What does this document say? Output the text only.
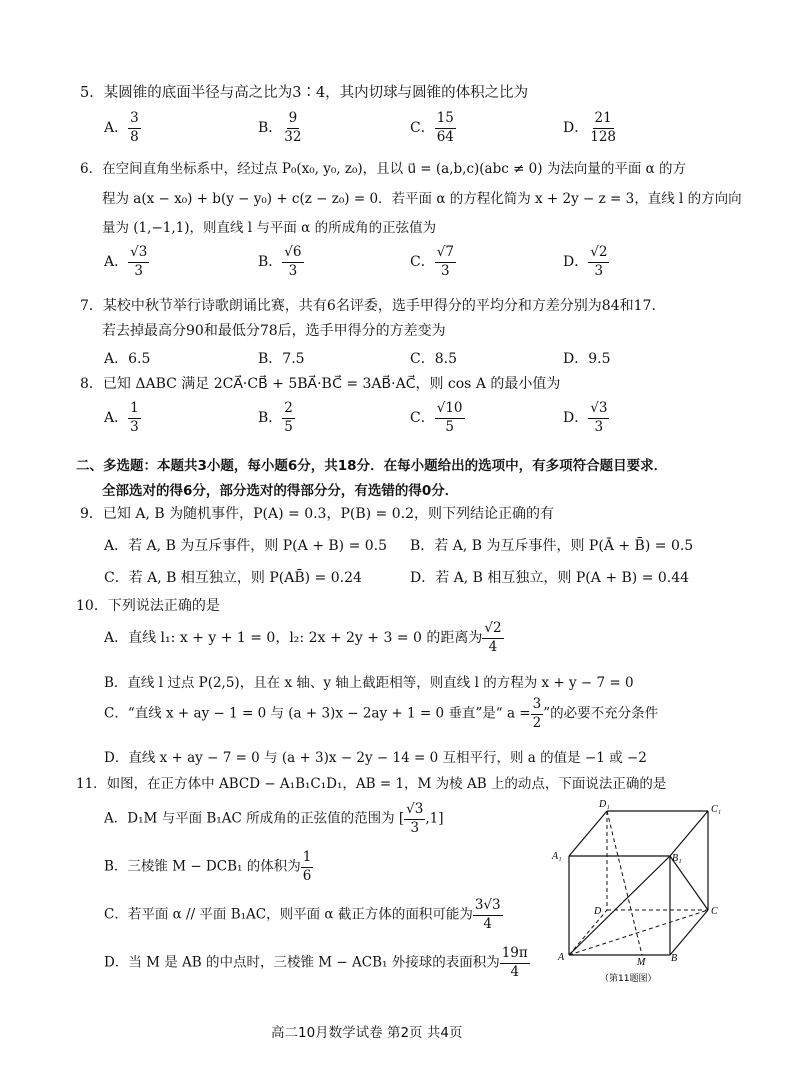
5．某圆锥的底面半径与高之比为3∶4，其内切球与圆锥的体积之比为
A． $\frac{3}{8}$	B． $\frac{9}{32}$	C． $\frac{15}{64}$	D． $\frac{21}{128}$
6．在空间直角坐标系中，经过点 P₀(x₀, y₀, z₀)，且以 u⃗ = (a,b,c)(abc ≠ 0) 为法向量的平面 α 的方
程为 a(x − x₀) + b(y − y₀) + c(z − z₀) = 0．若平面 α 的方程化简为 x + 2y − z = 3，直线 l 的方向向
量为 (1,−1,1)，则直线 l 与平面 α 的所成角的正弦值为
A． $\frac{√3}{3}$	B． $\frac{√6}{3}$	C． $\frac{√7}{3}$	D． $\frac{√2}{3}$
7．某校中秋节举行诗歌朗诵比赛，共有6名评委，选手甲得分的平均分和方差分别为84和17．
若去掉最高分90和最低分78后，选手甲得分的方差变为
A．6.5	B．7.5	C．8.5	D．9.5
8．已知 ΔABC 满足 2CA⃗·CB⃗ + 5BA⃗·BC⃗ = 3AB⃗·AC⃗，则 cos A 的最小值为
A． $\frac{1}{3}$	B． $\frac{2}{5}$	C． $\frac{√10}{5}$	D． $\frac{√3}{3}$
二、多选题：本题共3小题，每小题6分，共18分．在每小题给出的选项中，有多项符合题目要求．
全部选对的得6分，部分选对的得部分分，有选错的得0分．
9．已知 A, B 为随机事件，P(A) = 0.3，P(B) = 0.2，则下列结论正确的有
A．若 A, B 为互斥事件，则 P(A + B) = 0.5 B．若 A, B 为互斥事件，则 P(Ā + B̄) = 0.5
C．若 A, B 相互独立，则 P(AB̄) = 0.24	D．若 A, B 相互独立，则 P(A + B) = 0.44
10．下列说法正确的是
A．直线 l₁: x + y + 1 = 0，l₂: 2x + 2y + 3 = 0 的距离为 $\frac{√2}{4}$
B．直线 l 过点 P(2,5)，且在 x 轴、y 轴上截距相等，则直线 l 的方程为 x + y − 7 = 0
C．“直线 x + ay − 1 = 0 与 (a + 3)x − 2ay + 1 = 0 垂直”是“ $a = \frac{3}{2}$ ”的必要不充分条件
D．直线 x + ay − 7 = 0 与 (a + 3)x − 2y − 14 = 0 互相平行，则 a 的值是 −1 或 −2
11．如图，在正方体中 ABCD − A₁B₁C₁D₁，AB = 1，M 为棱 AB 上的动点，下面说法正确的是
A．D₁M 与平面 B₁AC 所成角的正弦值的范围为 [ $\frac{√3}{3} ,1$]
B．三棱锥 M − DCB₁ 的体积为 $\frac{1}{6}$
C．若平面 α // 平面 B₁AC，则平面 α 截正方体的面积可能为 $\frac{3√3}{4}$
D．当 M 是 AB 的中点时，三棱锥 M − ACB₁ 外接球的表面积为 $\frac{19\pi}{4}$
D₁	C₁
A₁	B₁
D	C
A	M	B
（第11题图）
高二10月数学试卷 第2页 共4页
